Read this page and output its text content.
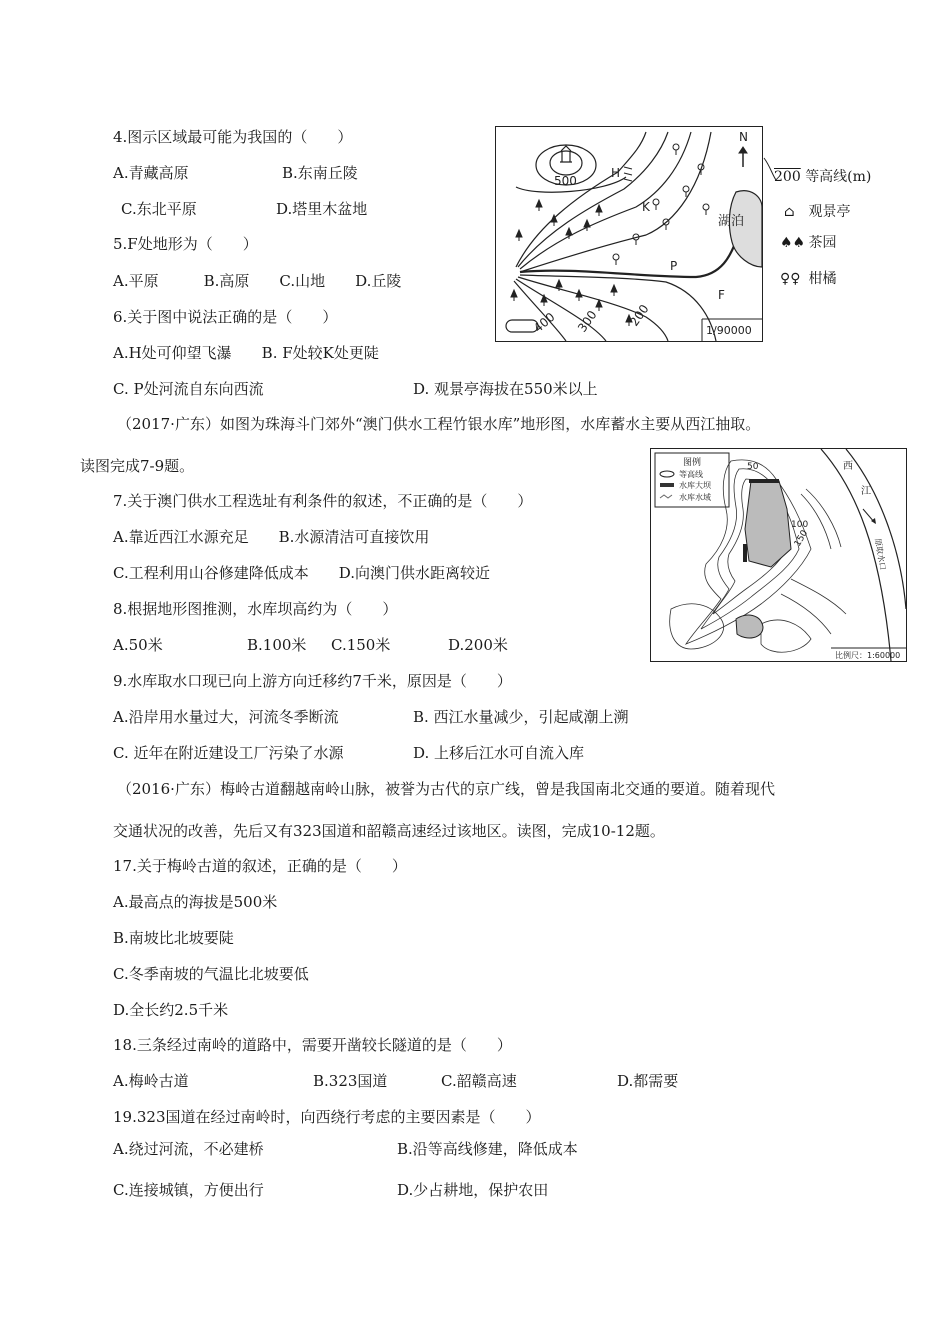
4.图示区域最可能为我国的（　　）
A.青藏高原	B.东南丘陵
C.东北平原	D.塔里木盆地
5.F处地形为（　　）
A.平原　　　B.高原　　C.山地　　D.丘陵
6.关于图中说法正确的是（　　）
A.H处可仰望飞瀑　　B. F处较K处更陡
C. P处河流自东向西流	D. 观景亭海拔在550米以上
（2017·广东）如图为珠海斗门郊外“澳门供水工程竹银水库”地形图，水库蓄水主要从西江抽取。
读图完成7-9题。
7.关于澳门供水工程选址有利条件的叙述，不正确的是（　　）
A.靠近西江水源充足　　B.水源清洁可直接饮用
C.工程利用山谷修建降低成本　　D.向澳门供水距离较近
8.根据地形图推测，水库坝高约为（　　）
A.50米	B.100米 C.150米	D.200米
9.水库取水口现已向上游方向迁移约7千米，原因是（　　）
A.沿岸用水量过大，河流冬季断流	B. 西江水量减少，引起咸潮上溯
C. 近年在附近建设工厂污染了水源	D. 上移后江水可自流入库
（2016·广东）梅岭古道翻越南岭山脉，被誉为古代的京广线，曾是我国南北交通的要道。随着现代
交通状况的改善，先后又有323国道和韶赣高速经过该地区。读图，完成10-12题。
17.关于梅岭古道的叙述，正确的是（　　）
A.最高点的海拔是500米
B.南坡比北坡要陡
C.冬季南坡的气温比北坡要低
D.全长约2.5千米
18.三条经过南岭的道路中，需要开凿较长隧道的是（　　）
A.梅岭古道	B.323国道	C.韶赣高速	D.都需要
19.323国道在经过南岭时，向西绕行考虑的主要因素是（　　）
A.绕过河流，不必建桥	B.沿等高线修建，降低成本
C.连接城镇，方便出行	D.少占耕地，保护农田
N
500
400 300 200
H
K
P
F
湖泊
1/90000
200 等高线(m)
⌂ 观景亭
♠♠ 茶园
♀♀ 柑橘
图例
等高线
水库大坝
水库水域
西
江
原取水口
50
100
150
比例尺：1:60000
